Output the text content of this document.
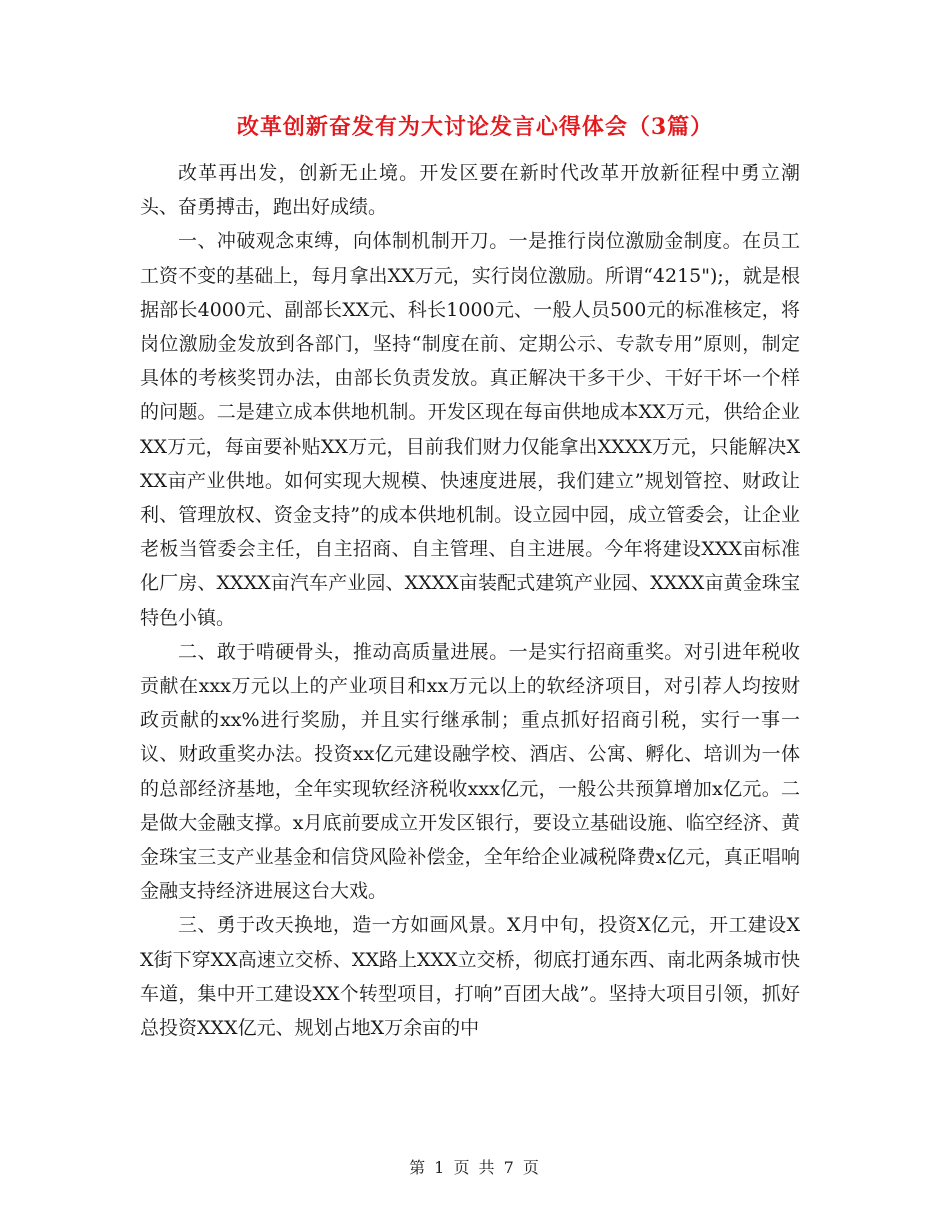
改革创新奋发有为大讨论发言心得体会（3篇）

改革再出发，创新无止境。开发区要在新时代改革开放新征程中勇立潮头、奋勇搏击，跑出好成绩。

一、冲破观念束缚，向体制机制开刀。一是推行岗位激励金制度。在员工工资不变的基础上，每月拿出XX万元，实行岗位激励。所谓“4215");，就是根据部长4000元、副部长XX元、科长1000元、一般人员500元的标准核定，将岗位激励金发放到各部门，坚持“制度在前、定期公示、专款专用”原则，制定具体的考核奖罚办法，由部长负责发放。真正解决干多干少、干好干坏一个样的问题。二是建立成本供地机制。开发区现在每亩供地成本XX万元，供给企业XX万元，每亩要补贴XX万元，目前我们财力仅能拿出XXXX万元，只能解决XXX亩产业供地。如何实现大规模、快速度进展，我们建立”规划管控、财政让利、管理放权、资金支持”的成本供地机制。设立园中园，成立管委会，让企业老板当管委会主任，自主招商、自主管理、自主进展。今年将建设XXX亩标准化厂房、XXXX亩汽车产业园、XXXX亩装配式建筑产业园、XXXX亩黄金珠宝特色小镇。

二、敢于啃硬骨头，推动高质量进展。一是实行招商重奖。对引进年税收贡献在xxx万元以上的产业项目和xx万元以上的软经济项目，对引荐人均按财政贡献的xx%进行奖励，并且实行继承制；重点抓好招商引税，实行一事一议、财政重奖办法。投资xx亿元建设融学校、酒店、公寓、孵化、培训为一体的总部经济基地，全年实现软经济税收xxx亿元，一般公共预算增加x亿元。二是做大金融支撑。x月底前要成立开发区银行，要设立基础设施、临空经济、黄金珠宝三支产业基金和信贷风险补偿金，全年给企业减税降费x亿元，真正唱响金融支持经济进展这台大戏。

三、勇于改天换地，造一方如画风景。X月中旬，投资X亿元，开工建设XX街下穿XX高速立交桥、XX路上XXX立交桥，彻底打通东西、南北两条城市快车道，集中开工建设XX个转型项目，打响”百团大战”。坚持大项目引领，抓好总投资XXX亿元、规划占地X万余亩的中

第 1 页 共 7 页
